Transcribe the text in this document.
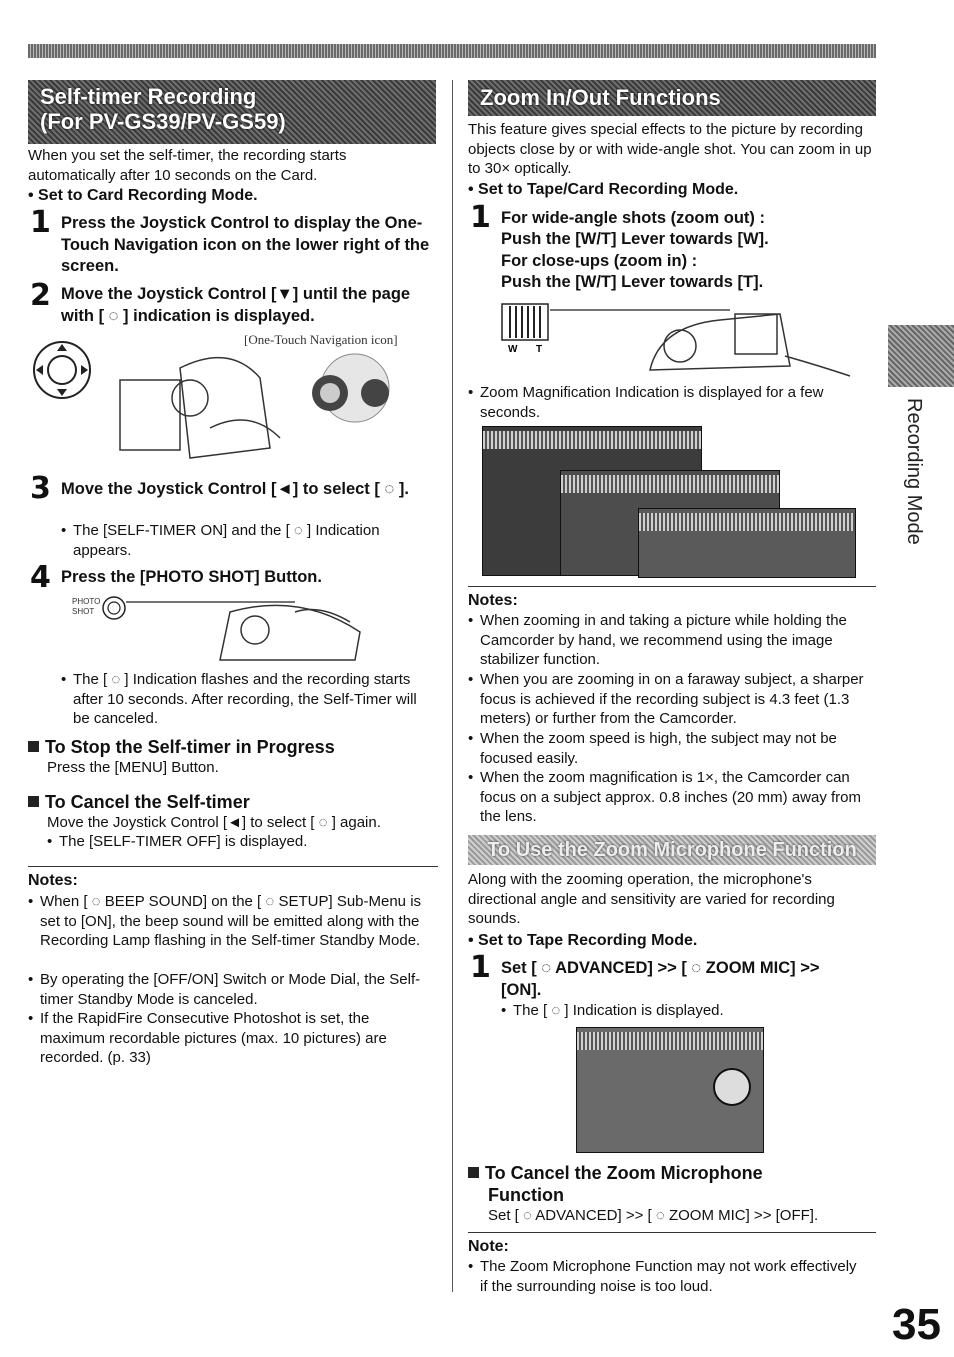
Self-timer Recording
(For PV-GS39/PV-GS59)

When you set the self-timer, the recording starts automatically after 10 seconds on the Card.

• Set to Card Recording Mode.
1 Press the Joystick Control to display the One-Touch Navigation icon on the lower right of the screen.
2 Move the Joystick Control [▼] until the page with [ ◌ ] indication is displayed.
[One-Touch Navigation icon]
3 Move the Joystick Control [◄] to select [ ◌ ].
• The [SELF-TIMER ON] and the [ ◌ ] Indication appears.
4 Press the [PHOTO SHOT] Button.
PHOTO
SHOT
• The [ ◌ ] Indication flashes and the recording starts after 10 seconds. After recording, the Self-Timer will be canceled.
To Stop the Self-timer in Progress
Press the [MENU] Button.
To Cancel the Self-timer
Move the Joystick Control [◄] to select [ ◌ ] again.
• The [SELF-TIMER OFF] is displayed.
Notes:
• When [ ◌ BEEP SOUND] on the [ ◌ SETUP] Sub-Menu is set to [ON], the beep sound will be emitted along with the Recording Lamp flashing in the Self-timer Standby Mode.
• By operating the [OFF/ON] Switch or Mode Dial, the Self-timer Standby Mode is canceled.
• If the RapidFire Consecutive Photoshot is set, the maximum recordable pictures (max. 10 pictures) are recorded. (p. 33)
Zoom In/Out Functions

This feature gives special effects to the picture by recording objects close by or with wide-angle shot. You can zoom in up to 30× optically.

• Set to Tape/Card Recording Mode.
1 For wide-angle shots (zoom out) :
Push the [W/T] Lever towards [W].
For close-ups (zoom in) :
Push the [W/T] Lever towards [T].
W T
• Zoom Magnification Indication is displayed for a few seconds.
Notes:
• When zooming in and taking a picture while holding the Camcorder by hand, we recommend using the image stabilizer function.
• When you are zooming in on a faraway subject, a sharper focus is achieved if the recording subject is 4.3 feet (1.3 meters) or further from the Camcorder.
• When the zoom speed is high, the subject may not be focused easily.
• When the zoom magnification is 1×, the Camcorder can focus on a subject approx. 0.8 inches (20 mm) away from the lens.
To Use the Zoom Microphone Function

Along with the zooming operation, the microphone's directional angle and sensitivity are varied for recording sounds.

• Set to Tape Recording Mode.
1 Set [ ◌ ADVANCED] >> [ ◌ ZOOM MIC] >>
[ON].
• The [ ◌ ] Indication is displayed.
To Cancel the Zoom Microphone
Function
Set [ ◌ ADVANCED] >> [ ◌ ZOOM MIC] >> [OFF].
Note:
• The Zoom Microphone Function may not work effectively if the surrounding noise is too loud.
Recording Mode
35
